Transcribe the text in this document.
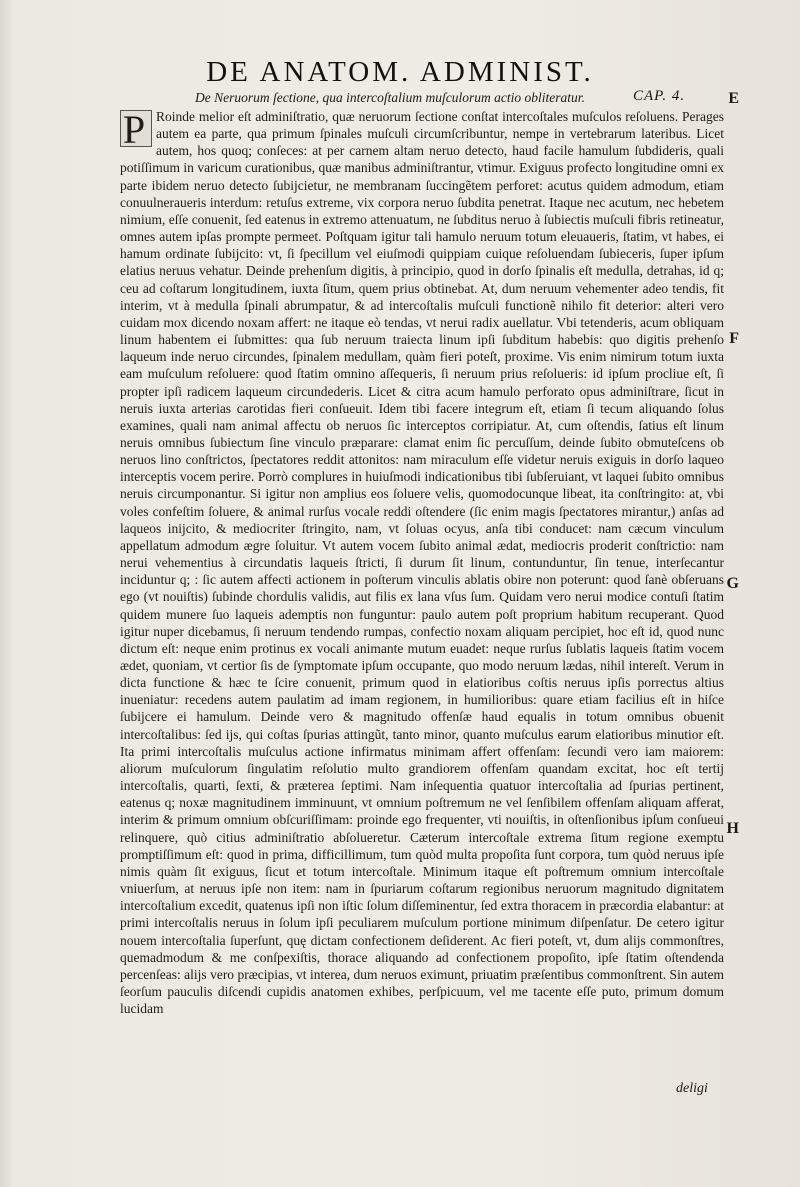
DE ANATOM. ADMINIST.
De Neruorum ſectione, qua intercoſtalium muſculorum actio obliteratur.	CAP. 4.	E
F
G
H

P Roinde melior eſt adminiſtratio, quæ neruorum ſectione conſtat intercoſtales muſculos reſoluens. Perages autem ea parte, qua primum ſpinales muſculi circumſcribuntur, nempe in vertebrarum lateribus. Licet autem, hos quoq; conſeces: at per carnem altam neruo detecto, haud facile hamulum ſubdideris, quali potiſſimum in varicum curationibus, quæ manibus adminiſtrantur, vtimur. Exiguus profecto longitudine omni ex parte ibidem neruo detecto ſubijcietur, ne membranam ſuccingẽtem perforet: acutus quidem admodum, etiam conuulneraueris interdum: retuſus extreme, vix corpora neruo ſubdita penetrat. Itaque nec acutum, nec hebetem nimium, eſſe conuenit, ſed eatenus in extremo attenuatum, ne ſubditus neruo à ſubiectis muſculi fibris retineatur, omnes autem ipſas prompte permeet. Poſtquam igitur tali hamulo neruum totum eleuaueris, ſtatim, vt habes, ei hamum ordinate ſubijcito: vt, ſi ſpecillum vel eiuſmodi quippiam cuique reſoluendam ſubieceris, ſuper ipſum elatius neruus vehatur. Deinde prehenſum digitis, à principio, quod in dorſo ſpinalis eſt medulla, detrahas, id q; ceu ad coſtarum longitudinem, iuxta ſitum, quem prius obtinebat. At, dum neruum vehementer adeo tendis, fit interim, vt à medulla ſpinali abrumpatur, & ad intercoſtalis muſculi functionẽ nihilo fit deterior: alteri vero cuidam mox dicendo noxam affert: ne itaque eò tendas, vt nerui radix auellatur. Vbi tetenderis, acum obliquam linum habentem ei ſubmittes: qua ſub neruum traiecta linum ipſi ſubditum habebis: quo digitis prehenſo laqueum inde neruo circundes, ſpinalem medullam, quàm fieri poteſt, proxime. Vis enim nimirum totum iuxta eam muſculum reſoluere: quod ſtatim omnino aſſequeris, ſi neruum prius reſolueris: id ipſum procliue eſt, ſi propter ipſi radicem laqueum circundederis. Licet & citra acum hamulo perforato opus adminiſtrare, ſicut in neruis iuxta arterias carotidas fieri conſueuit. Idem tibi facere integrum eſt, etiam ſi tecum aliquando ſolus examines, quali nam animal affectu ob neruos ſic interceptos corripiatur. At, cum oſtendis, ſatius eſt linum neruis omnibus ſubiectum ſine vinculo præparare: clamat enim ſic percuſſum, deinde ſubito obmuteſcens ob neruos lino conſtrictos, ſpectatores reddit attonitos: nam miraculum eſſe videtur neruis exiguis in dorſo laqueo interceptis vocem perire. Porrò complures in huiuſmodi indicationibus tibi ſubſeruiant, vt laquei ſubito omnibus neruis circumponantur. Si igitur non amplius eos ſoluere velis, quomodocunque libeat, ita conſtringito: at, vbi voles confeſtim ſoluere, & animal rurſus vocale reddi oſtendere (ſic enim magis ſpectatores mirantur,) anſas ad laqueos inijcito, & mediocriter ſtringito, nam, vt ſoluas ocyus, anſa tibi conducet: nam cæcum vinculum appellatum admodum ægre ſoluitur. Vt autem vocem ſubito animal ædat, mediocris proderit conſtrictio: nam nerui vehementius à circundatis laqueis ſtricti, ſi durum ſit linum, contunduntur, ſin tenue, interſecantur inciduntur q; : ſic autem affecti actionem in poſterum vinculis ablatis obire non poterunt: quod ſanè obſeruans ego (vt nouiſtis) ſubinde chordulis validis, aut filis ex lana vſus ſum. Quidam vero nerui modice contuſi ſtatim quidem munere ſuo laqueis ademptis non funguntur: paulo autem poſt proprium habitum recuperant. Quod igitur nuper dicebamus, ſi neruum tendendo rumpas, confectio noxam aliquam percipiet, hoc eſt id, quod nunc dictum eſt: neque enim protinus ex vocali animante mutum euadet: neque rurſus ſublatis laqueis ſtatim vocem ædet, quoniam, vt certior ſis de ſymptomate ipſum occupante, quo modo neruum lædas, nihil intereſt. Verum in dicta functione & hæc te ſcire conuenit, primum quod in elatioribus coſtis neruus ipſis porrectus altius inueniatur: recedens autem paulatim ad imam regionem, in humilioribus: quare etiam facilius eſt in hiſce ſubijcere ei hamulum. Deinde vero & magnitudo offenſæ haud equalis in totum omnibus obuenit intercoſtalibus: ſed ijs, qui coſtas ſpurias attingũt, tanto minor, quanto muſculus earum elatioribus minutior eſt. Ita primi intercoſtalis muſculus actione infirmatus minimam affert offenſam: ſecundi vero iam maiorem: aliorum muſculorum ſingulatim reſolutio multo grandiorem offenſam quandam excitat, hoc eſt tertij intercoſtalis, quarti, ſexti, & præterea ſeptimi. Nam inſequentia quatuor intercoſtalia ad ſpurias pertinent, eatenus q; noxæ magnitudinem imminuunt, vt omnium poſtremum ne vel ſenſibilem offenſam aliquam afferat, interim & primum omnium obſcuriſſimam: proinde ego frequenter, vti nouiſtis, in oſtenſionibus ipſum conſueui relinquere, quò citius adminiſtratio abſolueretur. Cæterum intercoſtale extrema ſitum regione exemptu promptiſſimum eſt: quod in prima, difficillimum, tum quòd multa propoſita ſunt corpora, tum quòd neruus ipſe nimis quàm ſit exiguus, ſicut et totum intercoſtale. Minimum itaque eſt poſtremum omnium intercoſtale vniuerſum, at neruus ipſe non item: nam in ſpuriarum coſtarum regionibus neruorum magnitudo dignitatem intercoſtalium excedit, quatenus ipſi non iſtic ſolum diſſeminentur, ſed extra thoracem in præcordia elabantur: at primi intercoſtalis neruus in ſolum ipſi peculiarem muſculum portione minimum diſpenſatur. De cetero igitur nouem intercoſtalia ſuperſunt, quę dictam confectionem deſiderent. Ac fieri poteſt, vt, dum alijs commonſtres, quemadmodum & me conſpexiſtis, thorace aliquando ad confectionem propoſito, ipſe ſtatim oſtendenda percenſeas: alijs vero præcipias, vt interea, dum neruos eximunt, priuatim præſentibus commonſtrent. Sin autem ſeorſum pauculis diſcendi cupidis anatomen exhibes, perſpicuum, vel me tacente eſſe puto, primum domum lucidam

deligi
